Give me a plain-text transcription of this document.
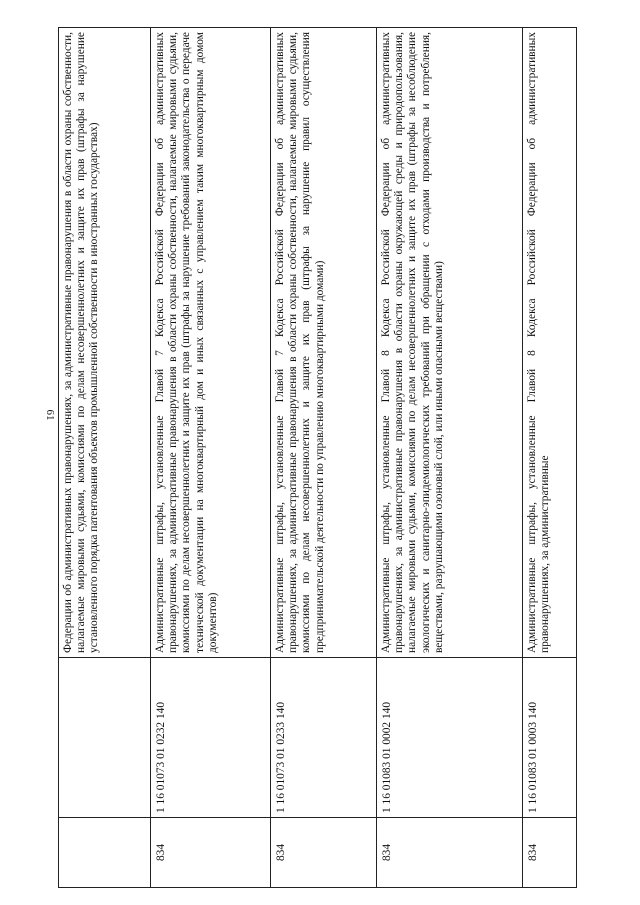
61
		Федерации об административных правонарушениях, за административные правонарушения в области охраны собственности, налагаемые мировыми судьями, комиссиями по делам несовершеннолетних и защите их прав (штрафы за нарушение установленного порядка патентования объектов промышленной собственности в иностранных государствах)
834	1 16 01073 01 0232 140	Административные штрафы, установленные Главой 7 Кодекса Российской Федерации об административных правонарушениях, за административные правонарушения в области охраны собственности, налагаемые мировыми судьями, комиссиями по делам несовершеннолетних и защите их прав (штрафы за нарушение требований законодательства о передаче технической документации на многоквартирный дом и иных связанных с управлением таким многоквартирным домом документов)
834	1 16 01073 01 0233 140	Административные штрафы, установленные Главой 7 Кодекса Российской Федерации об административных правонарушениях, за административные правонарушения в области охраны собственности, налагаемые мировыми судьями, комиссиями по делам несовершеннолетних и защите их прав (штрафы за нарушение правил осуществления предпринимательской деятельности по управлению многоквартирными домами)
834	1 16 01083 01 0002 140	Административные штрафы, установленные Главой 8 Кодекса Российской Федерации об административных правонарушениях, за административные правонарушения в области охраны окружающей среды и природопользования, налагаемые мировыми судьями, комиссиями по делам несовершеннолетних и защите их прав (штрафы за несоблюдение экологических и санитарно-эпидемиологических требований при обращении с отходами производства и потребления, веществами, разрушающими озоновый слой, или иными опасными веществами)
834	1 16 01083 01 0003 140	Административные штрафы, установленные Главой 8 Кодекса Российской Федерации об административных правонарушениях, за административные
